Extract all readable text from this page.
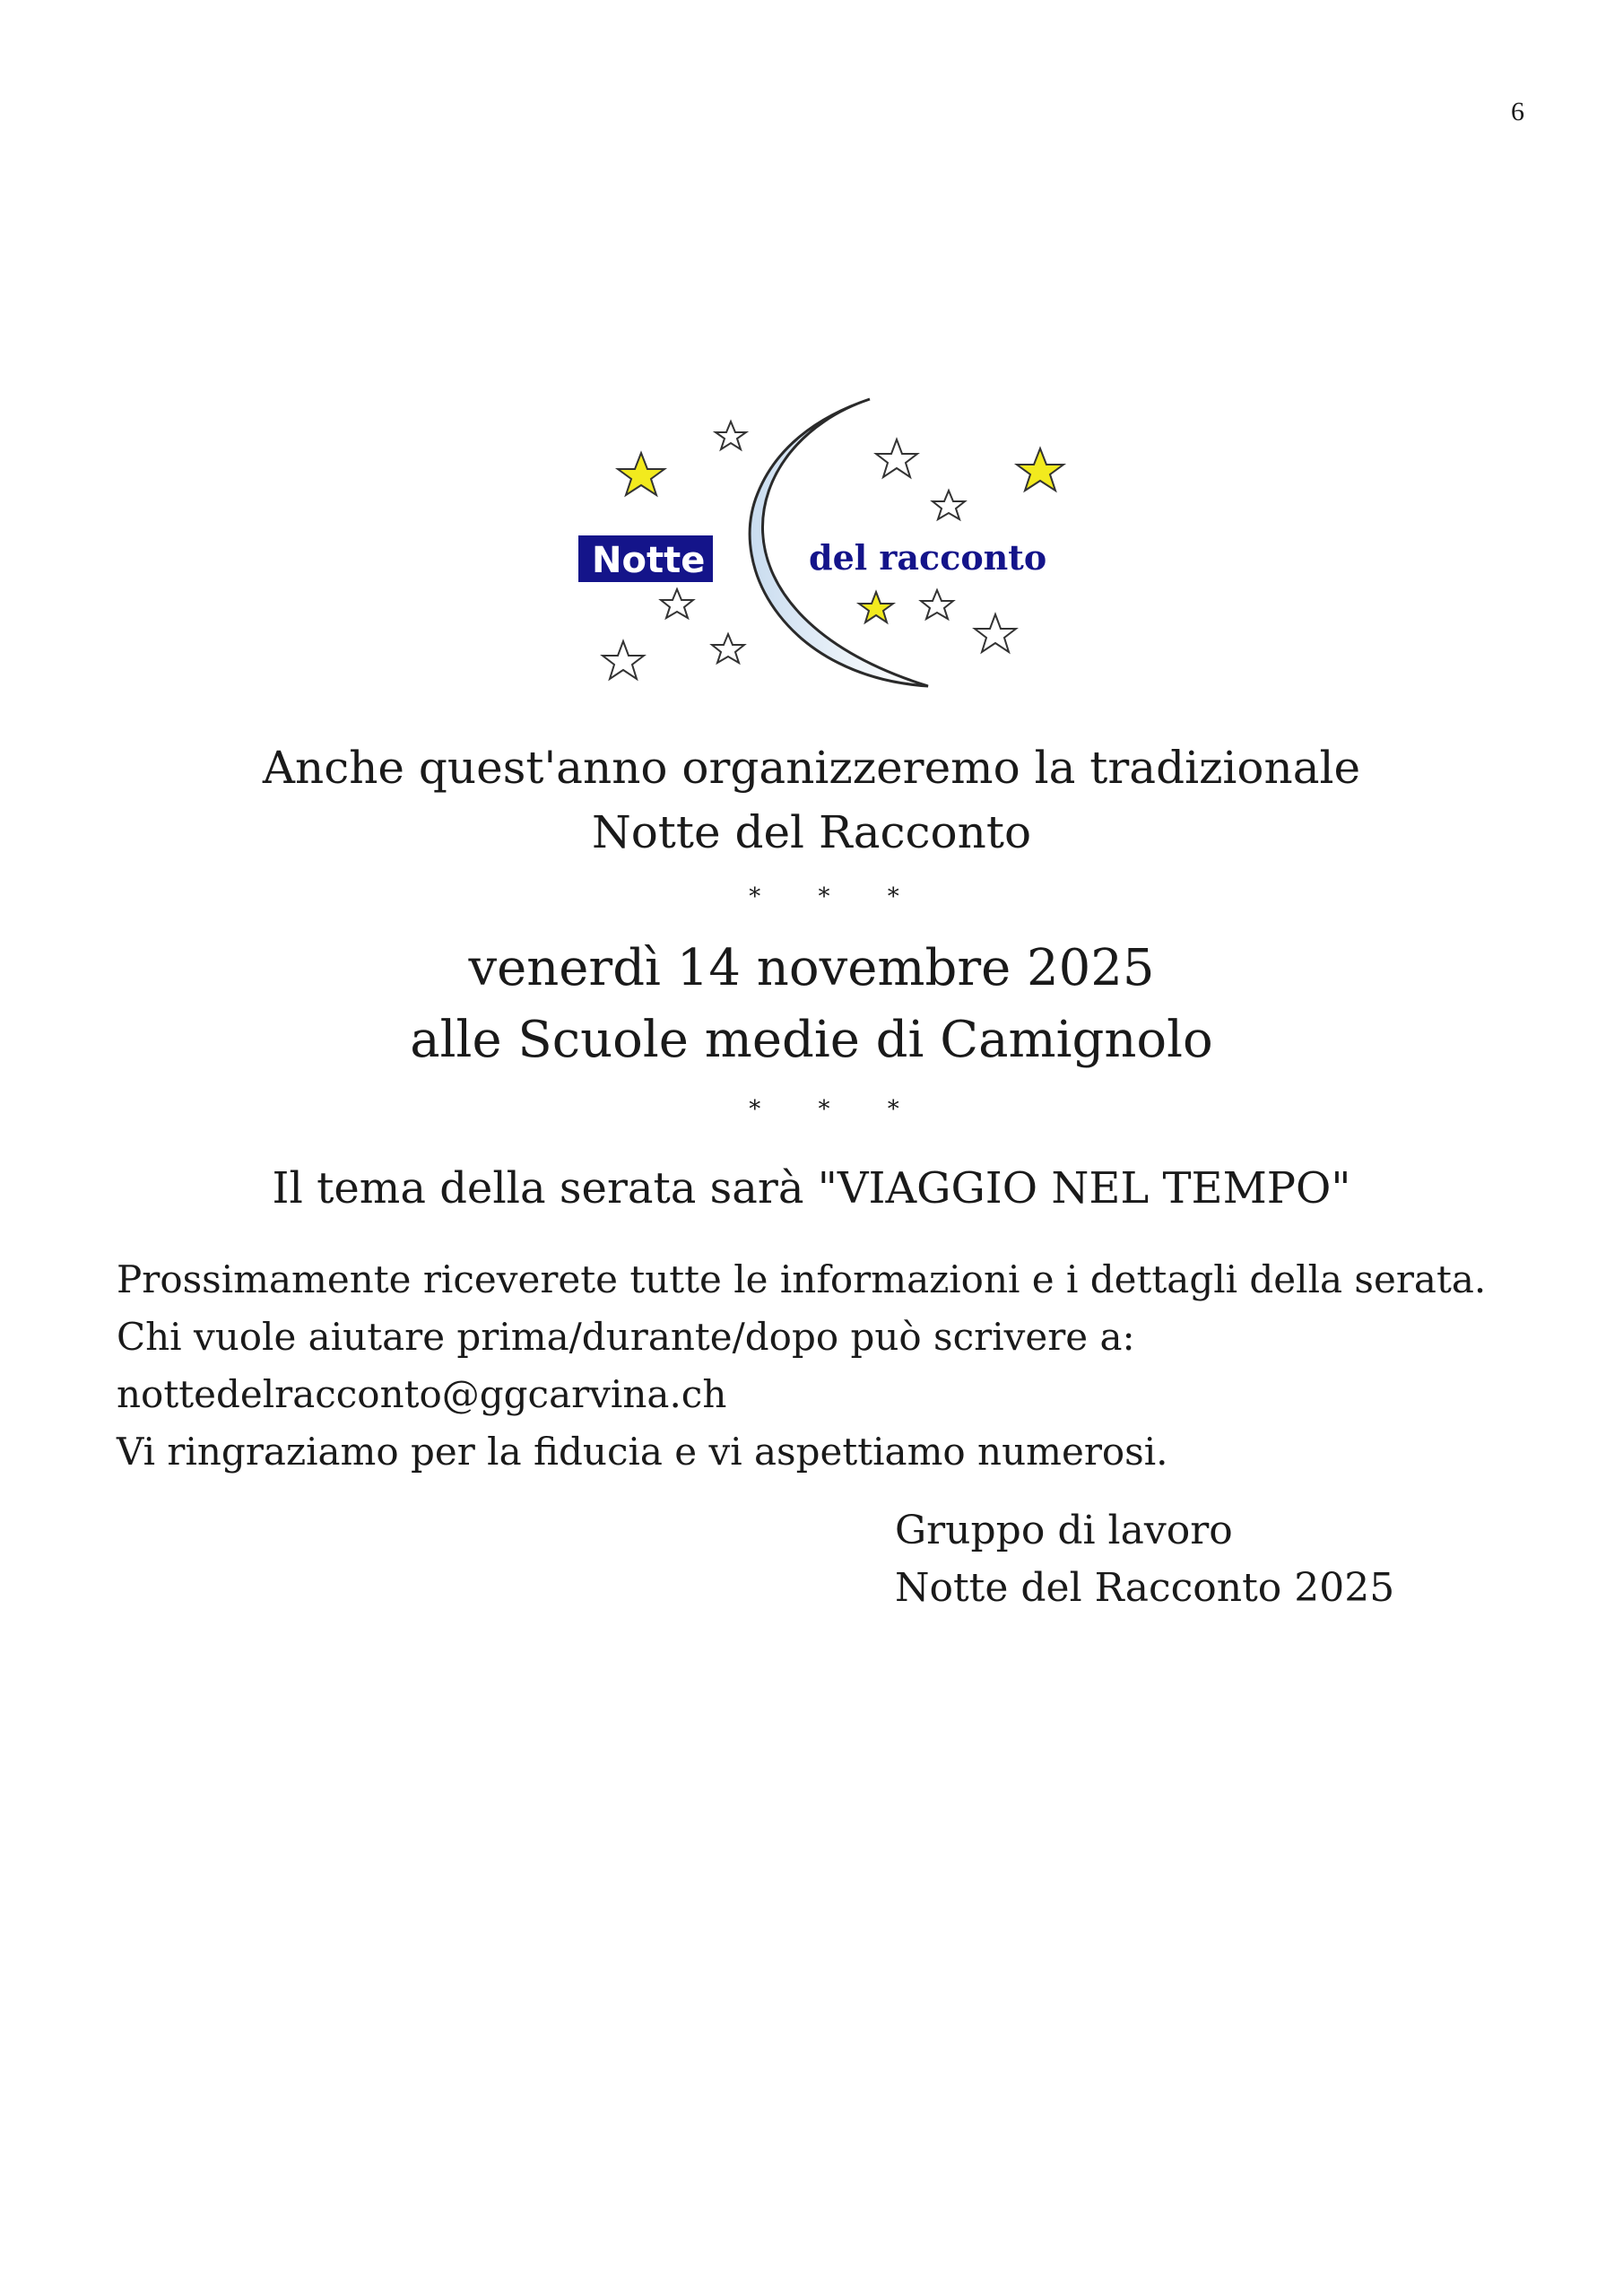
6
Notte	del racconto
Anche quest'anno organizzeremo la tradizionale
Notte del Racconto
* * *
venerdì 14 novembre 2025
alle Scuole medie di Camignolo
* * *
Il tema della serata sarà "VIAGGIO NEL TEMPO"
Prossimamente riceverete tutte le informazioni e i dettagli della serata.
Chi vuole aiutare prima/durante/dopo può scrivere a:
nottedelracconto@ggcarvina.ch
Vi ringraziamo per la fiducia e vi aspettiamo numerosi.
Gruppo di lavoro
Notte del Racconto 2025
